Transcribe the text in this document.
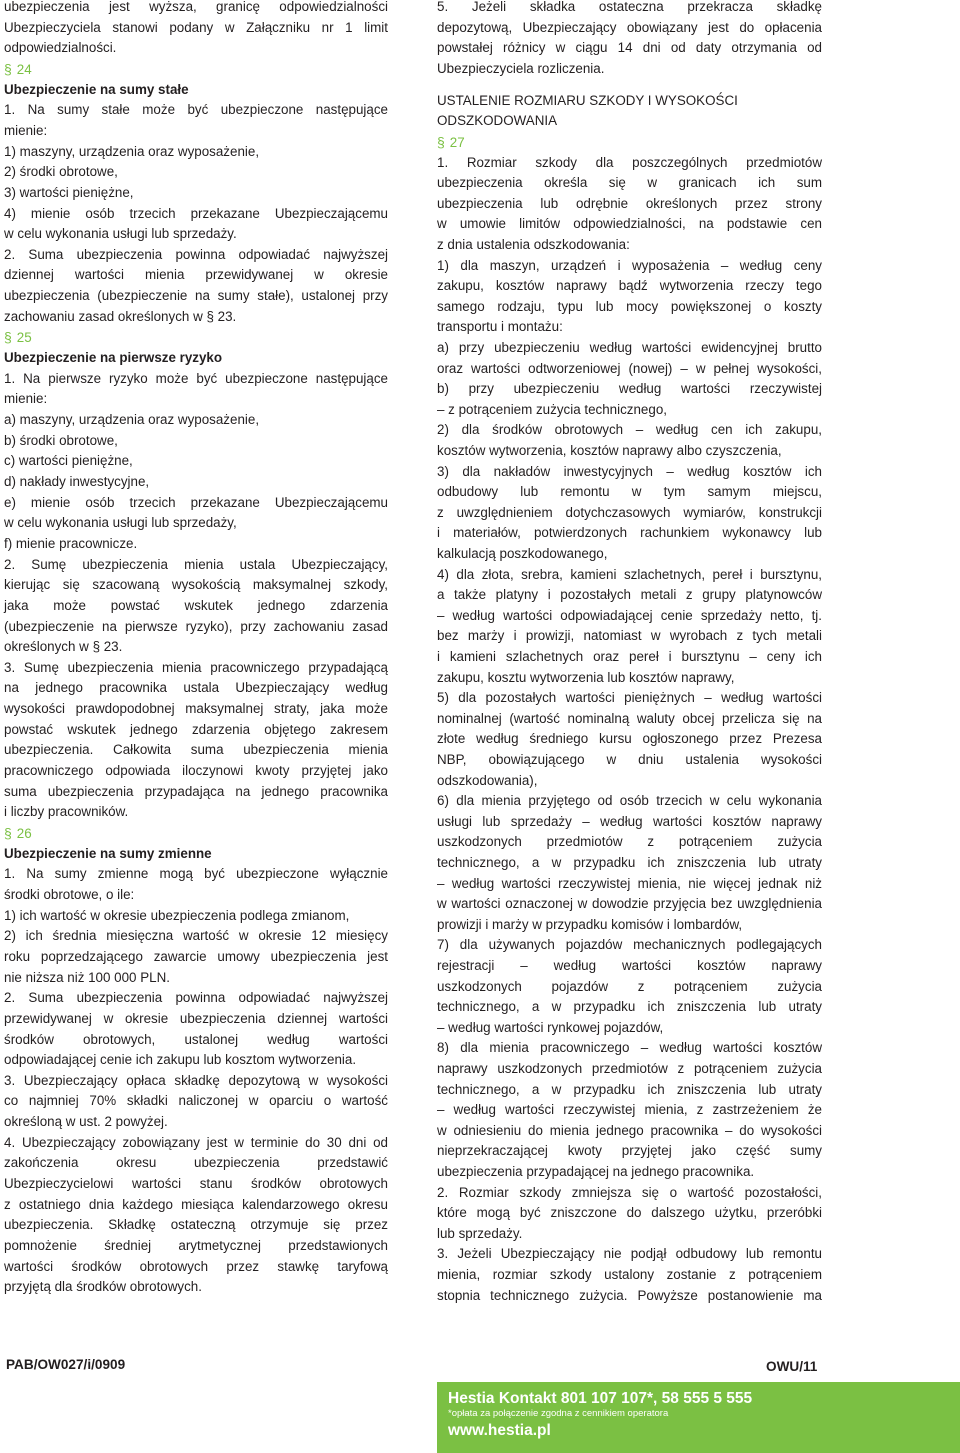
ubezpieczenia jest wyższa, granicę odpowiedzialności
Ubezpieczyciela stanowi podany w Załączniku nr 1 limit
odpowiedzialności.
§ 24
Ubezpieczenie na sumy stałe
1. Na sumy stałe może być ubezpieczone następujące
mienie:
1) maszyny, urządzenia oraz wyposażenie,
2) środki obrotowe,
3) wartości pieniężne,
4) mienie osób trzecich przekazane Ubezpieczającemu
w celu wykonania usługi lub sprzedaży.
2. Suma ubezpieczenia powinna odpowiadać najwyższej
dziennej wartości mienia przewidywanej w okresie
ubezpieczenia (ubezpieczenie na sumy stałe), ustalonej przy
zachowaniu zasad określonych w § 23.
§ 25
Ubezpieczenie na pierwsze ryzyko
1. Na pierwsze ryzyko może być ubezpieczone następujące
mienie:
a) maszyny, urządzenia oraz wyposażenie,
b) środki obrotowe,
c) wartości pieniężne,
d) nakłady inwestycyjne,
e) mienie osób trzecich przekazane Ubezpieczającemu
w celu wykonania usługi lub sprzedaży,
f) mienie pracownicze.
2. Sumę ubezpieczenia mienia ustala Ubezpieczający,
kierując się szacowaną wysokością maksymalnej szkody,
jaka może powstać wskutek jednego zdarzenia
(ubezpieczenie na pierwsze ryzyko), przy zachowaniu zasad
określonych w § 23.
3. Sumę ubezpieczenia mienia pracowniczego przypadającą
na jednego pracownika ustala Ubezpieczający według
wysokości prawdopodobnej maksymalnej straty, jaka może
powstać wskutek jednego zdarzenia objętego zakresem
ubezpieczenia. Całkowita suma ubezpieczenia mienia
pracowniczego odpowiada iloczynowi kwoty przyjętej jako
suma ubezpieczenia przypadająca na jednego pracownika
i liczby pracowników.
§ 26
Ubezpieczenie na sumy zmienne
1. Na sumy zmienne mogą być ubezpieczone wyłącznie
środki obrotowe, o ile:
1) ich wartość w okresie ubezpieczenia podlega zmianom,
2) ich średnia miesięczna wartość w okresie 12 miesięcy
roku poprzedzającego zawarcie umowy ubezpieczenia jest
nie niższa niż 100 000 PLN.
2. Suma ubezpieczenia powinna odpowiadać najwyższej
przewidywanej w okresie ubezpieczenia dziennej wartości
środków obrotowych, ustalonej według wartości
odpowiadającej cenie ich zakupu lub kosztom wytworzenia.
3. Ubezpieczający opłaca składkę depozytową w wysokości
co najmniej 70% składki naliczonej w oparciu o wartość
określoną w ust. 2 powyżej.
4. Ubezpieczający zobowiązany jest w terminie do 30 dni od
zakończenia okresu ubezpieczenia przedstawić
Ubezpieczycielowi wartości stanu środków obrotowych
z ostatniego dnia każdego miesiąca kalendarzowego okresu
ubezpieczenia. Składkę ostateczną otrzymuje się przez
pomnożenie średniej arytmetycznej przedstawionych
wartości środków obrotowych przez stawkę taryfową
przyjętą dla środków obrotowych.
5. Jeżeli składka ostateczna przekracza składkę
depozytową, Ubezpieczający obowiązany jest do opłacenia
powstałej różnicy w ciągu 14 dni od daty otrzymania od
Ubezpieczyciela rozliczenia.
USTALENIE ROZMIARU SZKODY I WYSOKOŚCI
ODSZKODOWANIA
§ 27
1. Rozmiar szkody dla poszczególnych przedmiotów
ubezpieczenia określa się w granicach ich sum
ubezpieczenia lub odrębnie określonych przez strony
w umowie limitów odpowiedzialności, na podstawie cen
z dnia ustalenia odszkodowania:
1) dla maszyn, urządzeń i wyposażenia – według ceny
zakupu, kosztów naprawy bądź wytworzenia rzeczy tego
samego rodzaju, typu lub mocy powiększonej o koszty
transportu i montażu:
a) przy ubezpieczeniu według wartości ewidencyjnej brutto
oraz wartości odtworzeniowej (nowej) – w pełnej wysokości,
b) przy ubezpieczeniu według wartości rzeczywistej
– z potrąceniem zużycia technicznego,
2) dla środków obrotowych – według cen ich zakupu,
kosztów wytworzenia, kosztów naprawy albo czyszczenia,
3) dla nakładów inwestycyjnych – według kosztów ich
odbudowy lub remontu w tym samym miejscu,
z uwzględnieniem dotychczasowych wymiarów, konstrukcji
i materiałów, potwierdzonych rachunkiem wykonawcy lub
kalkulacją poszkodowanego,
4) dla złota, srebra, kamieni szlachetnych, pereł i bursztynu,
a także platyny i pozostałych metali z grupy platynowców
– według wartości odpowiadającej cenie sprzedaży netto, tj.
bez marży i prowizji, natomiast w wyrobach z tych metali
i kamieni szlachetnych oraz pereł i bursztynu – ceny ich
zakupu, kosztu wytworzenia lub kosztów naprawy,
5) dla pozostałych wartości pieniężnych – według wartości
nominalnej (wartość nominalną waluty obcej przelicza się na
złote według średniego kursu ogłoszonego przez Prezesa
NBP, obowiązującego w dniu ustalenia wysokości
odszkodowania),
6) dla mienia przyjętego od osób trzecich w celu wykonania
usługi lub sprzedaży – według wartości kosztów naprawy
uszkodzonych przedmiotów z potrąceniem zużycia
technicznego, a w przypadku ich zniszczenia lub utraty
– według wartości rzeczywistej mienia, nie więcej jednak niż
w wartości oznaczonej w dowodzie przyjęcia bez uwzględnienia
prowizji i marży w przypadku komisów i lombardów,
7) dla używanych pojazdów mechanicznych podlegających
rejestracji – według wartości kosztów naprawy
uszkodzonych pojazdów z potrąceniem zużycia
technicznego, a w przypadku ich zniszczenia lub utraty
– według wartości rynkowej pojazdów,
8) dla mienia pracowniczego – według wartości kosztów
naprawy uszkodzonych przedmiotów z potrąceniem zużycia
technicznego, a w przypadku ich zniszczenia lub utraty
– według wartości rzeczywistej mienia, z zastrzeżeniem że
w odniesieniu do mienia jednego pracownika – do wysokości
nieprzekraczającej kwoty przyjętej jako część sumy
ubezpieczenia przypadającej na jednego pracownika.
2. Rozmiar szkody zmniejsza się o wartość pozostałości,
które mogą być zniszczone do dalszego użytku, przeróbki
lub sprzedaży.
3. Jeżeli Ubezpieczający nie podjął odbudowy lub remontu
mienia, rozmiar szkody ustalony zostanie z potrąceniem
stopnia technicznego zużycia. Powyższe postanowienie ma
PAB/OW027/i/0909	OWU/11
Hestia Kontakt 801 107 107*, 58 555 5 555
*opłata za połączenie zgodna z cennikiem operatora
www.hestia.pl
